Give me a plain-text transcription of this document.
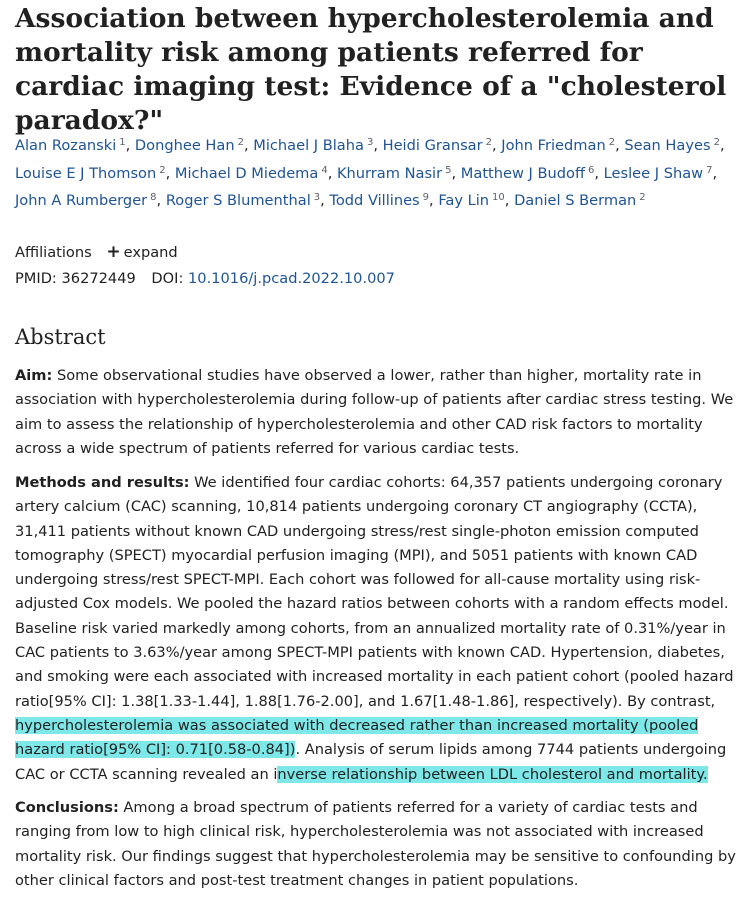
Association between hypercholesterolemia and mortality risk among patients referred for cardiac imaging test: Evidence of a "cholesterol paradox?"
Alan Rozanski $^1$, Donghee Han $^2$, Michael J Blaha $^3$, Heidi Gransar $^2$, John Friedman $^2$, Sean Hayes $^2$, Louise E J Thomson $^2$, Michael D Miedema $^4$, Khurram Nasir $^5$, Matthew J Budoff $^6$, Leslee J Shaw $^7$, John A Rumberger $^8$, Roger S Blumenthal $^3$, Todd Villines $^9$, Fay Lin $^{10}$, Daniel S Berman $^2$
Affiliations + expand
PMID: 36272449 DOI: 10.1016/j.pcad.2022.10.007
Abstract

Aim: Some observational studies have observed a lower, rather than higher, mortality rate in association with hypercholesterolemia during follow-up of patients after cardiac stress testing. We aim to assess the relationship of hypercholesterolemia and other CAD risk factors to mortality across a wide spectrum of patients referred for various cardiac tests.

Methods and results: We identified four cardiac cohorts: 64,357 patients undergoing coronary artery calcium (CAC) scanning, 10,814 patients undergoing coronary CT angiography (CCTA), 31,411 patients without known CAD undergoing stress/rest single-photon emission computed tomography (SPECT) myocardial perfusion imaging (MPI), and 5051 patients with known CAD undergoing stress/rest SPECT-MPI. Each cohort was followed for all-cause mortality using risk-adjusted Cox models. We pooled the hazard ratios between cohorts with a random effects model. Baseline risk varied markedly among cohorts, from an annualized mortality rate of 0.31%/year in CAC patients to 3.63%/year among SPECT-MPI patients with known CAD. Hypertension, diabetes, and smoking were each associated with increased mortality in each patient cohort (pooled hazard ratio[95% CI]: 1.38[1.33-1.44], 1.88[1.76-2.00], and 1.67[1.48-1.86], respectively). By contrast, hypercholesterolemia was associated with decreased rather than increased mortality (pooled hazard ratio[95% CI]: 0.71[0.58-0.84]). Analysis of serum lipids among 7744 patients undergoing CAC or CCTA scanning revealed an inverse relationship between LDL cholesterol and mortality.

Conclusions: Among a broad spectrum of patients referred for a variety of cardiac tests and ranging from low to high clinical risk, hypercholesterolemia was not associated with increased mortality risk. Our findings suggest that hypercholesterolemia may be sensitive to confounding by other clinical factors and post-test treatment changes in patient populations.
